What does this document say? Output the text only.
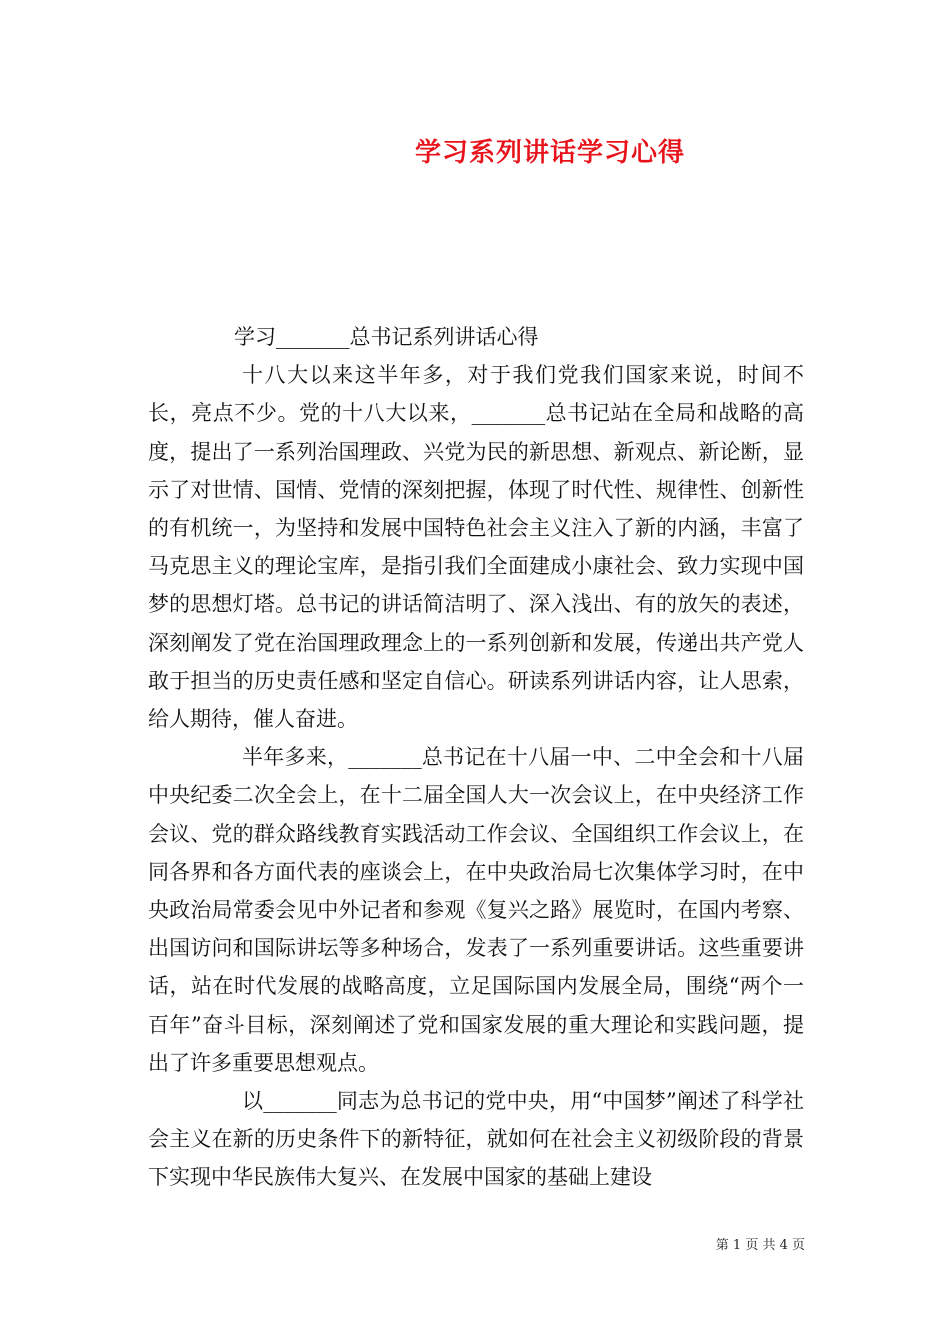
学习系列讲话学习心得

学习_______总书记系列讲话心得

十八大以来这半年多，对于我们党我们国家来说，时间不长，亮点不少。党的十八大以来，_______总书记站在全局和战略的高度，提出了一系列治国理政、兴党为民的新思想、新观点、新论断，显示了对世情、国情、党情的深刻把握，体现了时代性、规律性、创新性的有机统一，为坚持和发展中国特色社会主义注入了新的内涵，丰富了马克思主义的理论宝库，是指引我们全面建成小康社会、致力实现中国梦的思想灯塔。总书记的讲话简洁明了、深入浅出、有的放矢的表述，深刻阐发了党在治国理政理念上的一系列创新和发展，传递出共产党人敢于担当的历史责任感和坚定自信心。研读系列讲话内容，让人思索，给人期待，催人奋进。

半年多来，_______总书记在十八届一中、二中全会和十八届中央纪委二次全会上，在十二届全国人大一次会议上，在中央经济工作会议、党的群众路线教育实践活动工作会议、全国组织工作会议上，在同各界和各方面代表的座谈会上，在中央政治局七次集体学习时，在中央政治局常委会见中外记者和参观《复兴之路》展览时，在国内考察、出国访问和国际讲坛等多种场合，发表了一系列重要讲话。这些重要讲话，站在时代发展的战略高度，立足国际国内发展全局，围绕“两个一百年”奋斗目标，深刻阐述了党和国家发展的重大理论和实践问题，提出了许多重要思想观点。

以_______同志为总书记的党中央，用“中国梦”阐述了科学社会主义在新的历史条件下的新特征，就如何在社会主义初级阶段的背景下实现中华民族伟大复兴、在发展中国家的基础上建设

第 1 页 共 4 页
